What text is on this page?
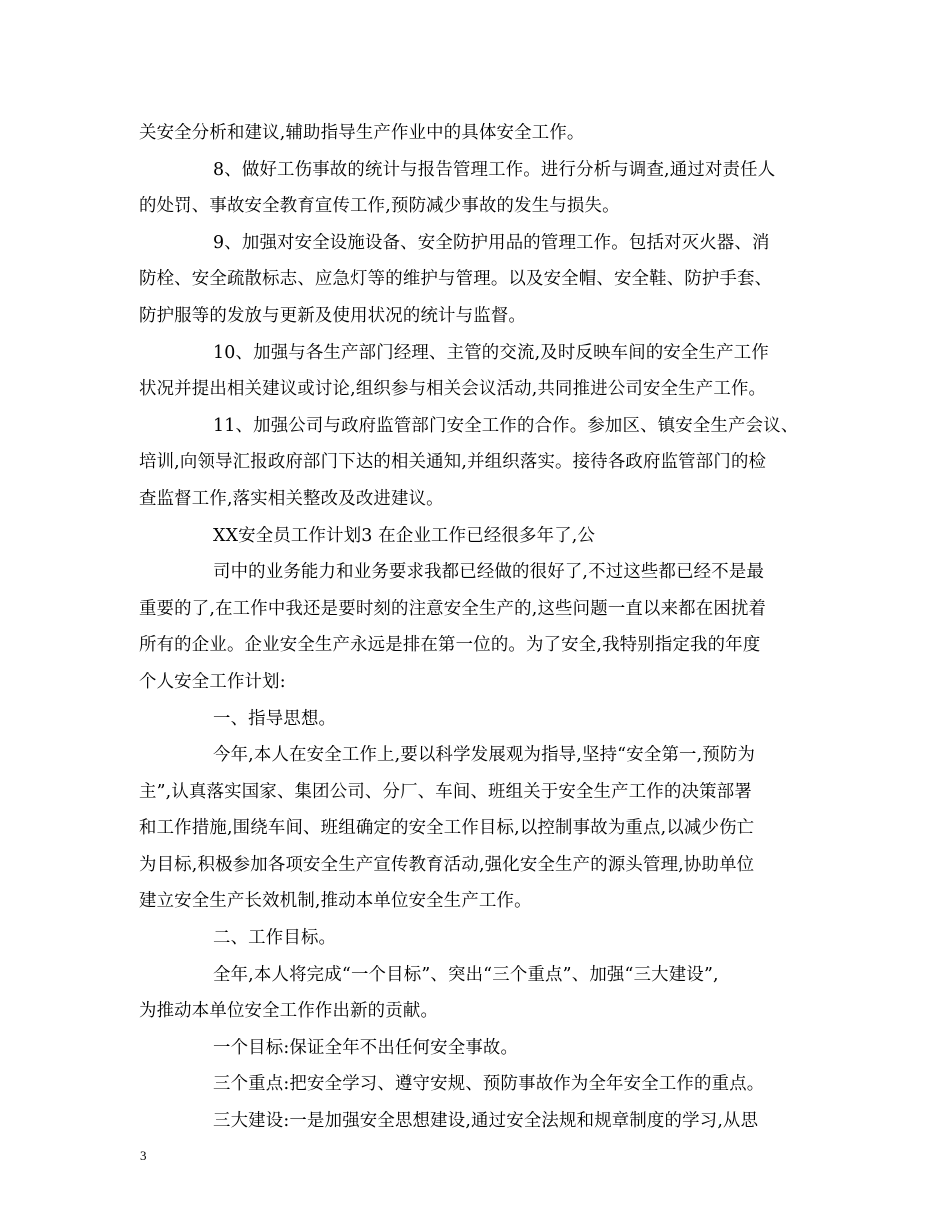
关安全分析和建议,辅助指导生产作业中的具体安全工作。
8、做好工伤事故的统计与报告管理工作。进行分析与调查,通过对责任人
的处罚、事故安全教育宣传工作,预防减少事故的发生与损失。
9、加强对安全设施设备、安全防护用品的管理工作。包括对灭火器、消
防栓、安全疏散标志、应急灯等的维护与管理。以及安全帽、安全鞋、防护手套、
防护服等的发放与更新及使用状况的统计与监督。
10、加强与各生产部门经理、主管的交流,及时反映车间的安全生产工作
状况并提出相关建议或讨论,组织参与相关会议活动,共同推进公司安全生产工作。
11、加强公司与政府监管部门安全工作的合作。参加区、镇安全生产会议、
培训,向领导汇报政府部门下达的相关通知,并组织落实。接待各政府监管部门的检
查监督工作,落实相关整改及改进建议。
XX安全员工作计划3 在企业工作已经很多年了,公
司中的业务能力和业务要求我都已经做的很好了,不过这些都已经不是最
重要的了,在工作中我还是要时刻的注意安全生产的,这些问题一直以来都在困扰着
所有的企业。企业安全生产永远是排在第一位的。为了安全,我特别指定我的年度
个人安全工作计划:
一、指导思想。
今年,本人在安全工作上,要以科学发展观为指导,坚持“安全第一,预防为
主”,认真落实国家、集团公司、分厂、车间、班组关于安全生产工作的决策部署
和工作措施,围绕车间、班组确定的安全工作目标,以控制事故为重点,以减少伤亡
为目标,积极参加各项安全生产宣传教育活动,强化安全生产的源头管理,协助单位
建立安全生产长效机制,推动本单位安全生产工作。
二、工作目标。
全年,本人将完成“一个目标”、突出“三个重点”、加强“三大建设”,
为推动本单位安全工作作出新的贡献。
一个目标:保证全年不出任何安全事故。
三个重点:把安全学习、遵守安规、预防事故作为全年安全工作的重点。
三大建设:一是加强安全思想建设,通过安全法规和规章制度的学习,从思
3
